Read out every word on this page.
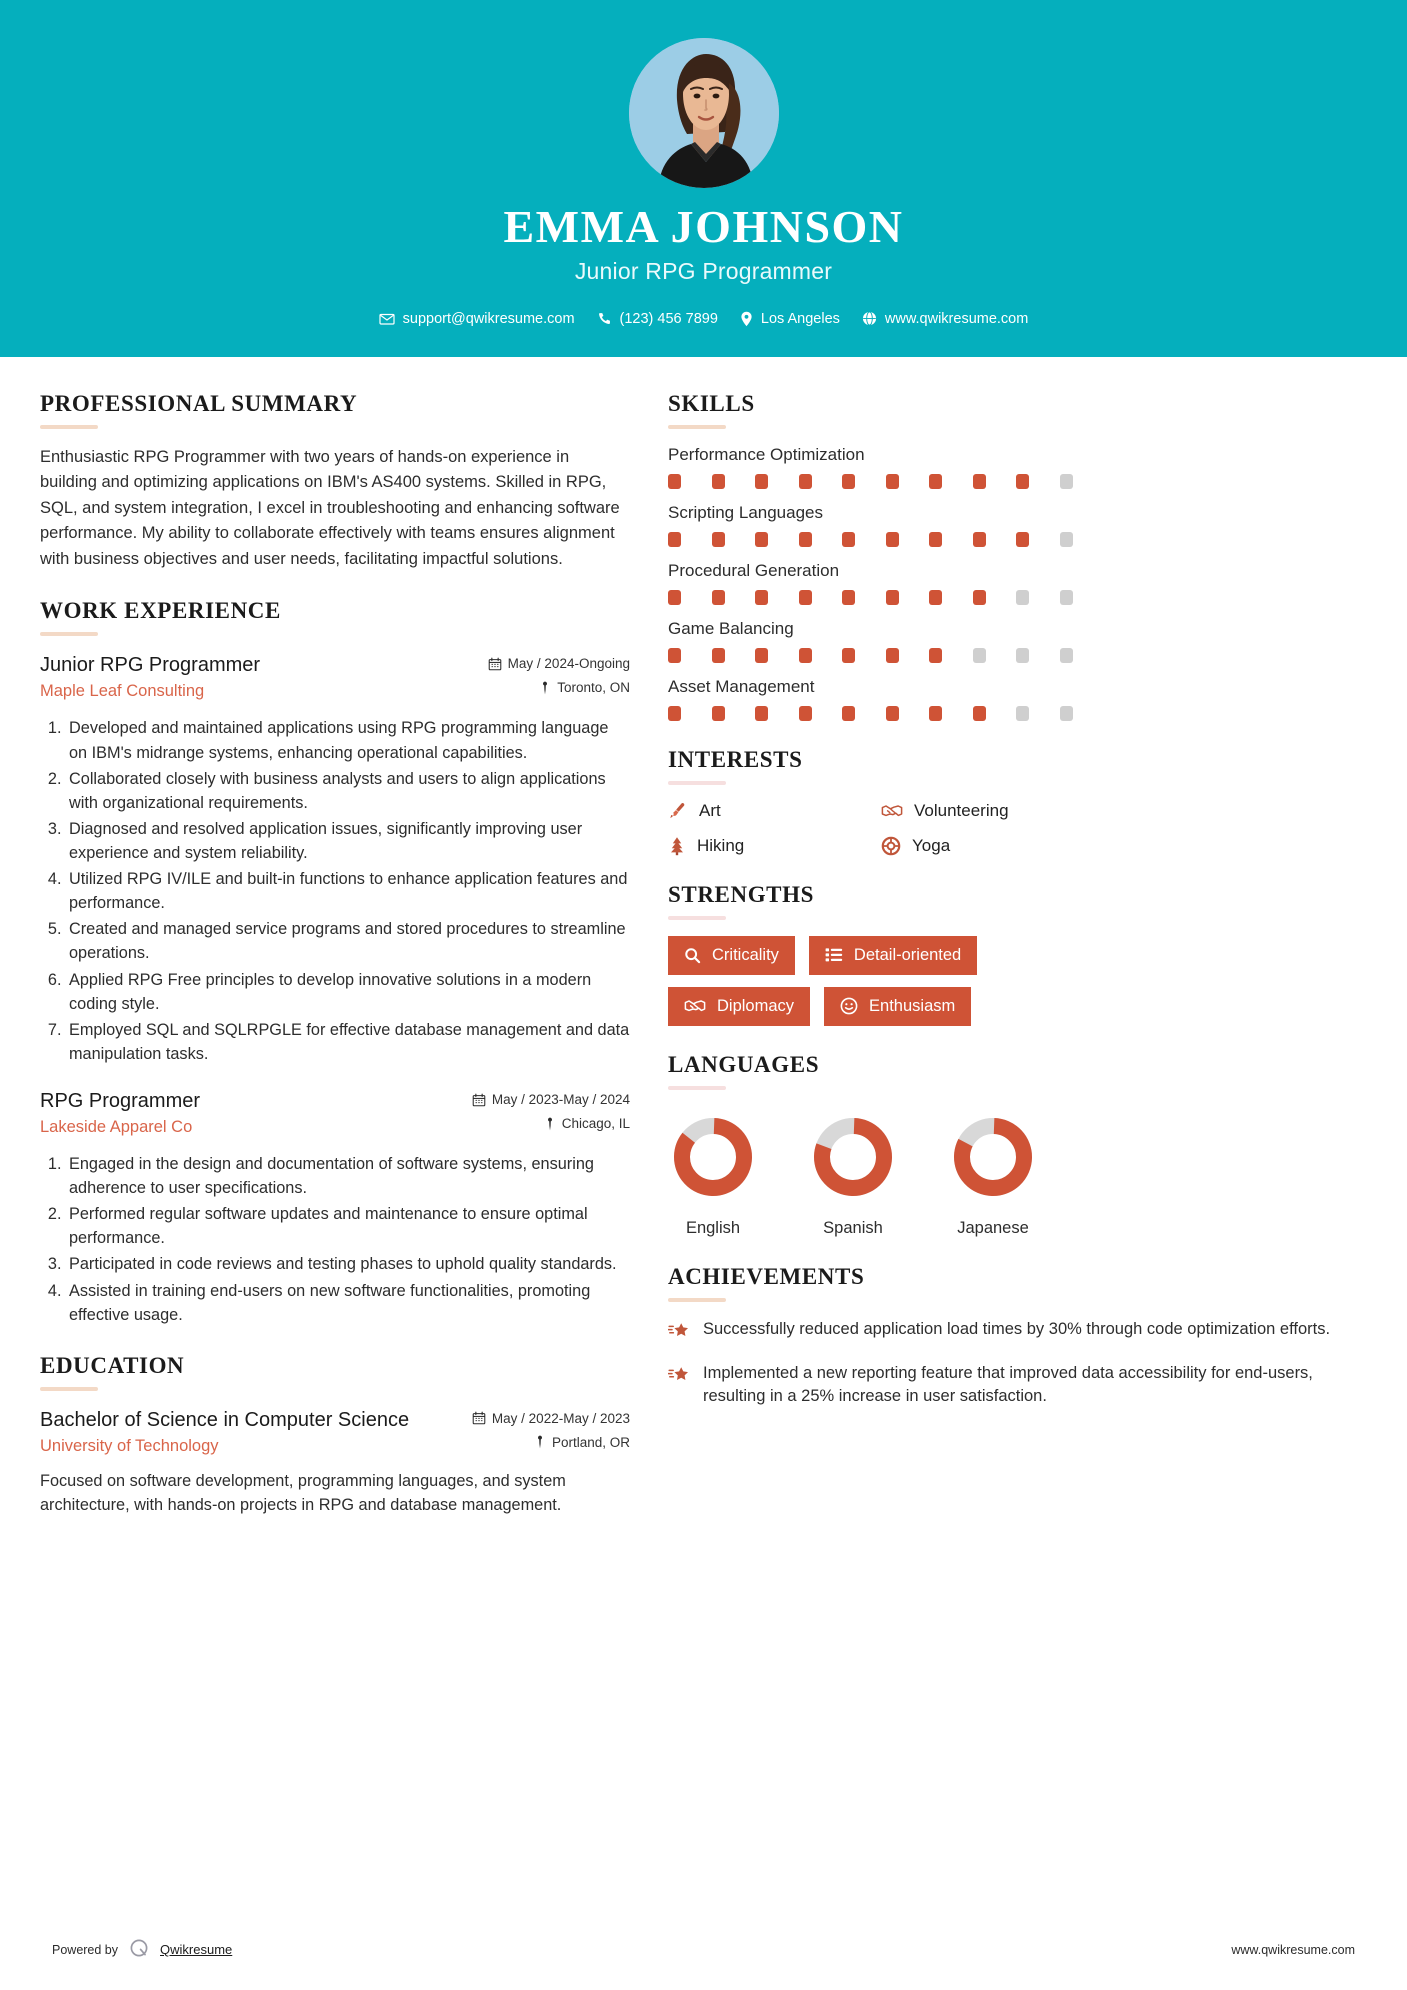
EMMA JOHNSON
Junior RPG Programmer
support@qwikresume.com	(123) 456 7899	Los Angeles	www.qwikresume.com
PROFESSIONAL SUMMARY
Enthusiastic RPG Programmer with two years of hands-on experience in building and optimizing applications on IBM's AS400 systems. Skilled in RPG, SQL, and system integration, I excel in troubleshooting and enhancing software performance. My ability to collaborate effectively with teams ensures alignment with business objectives and user needs, facilitating impactful solutions.
WORK EXPERIENCE
Junior RPG Programmer
Maple Leaf Consulting
May / 2024-Ongoing
Toronto, ON
1. Developed and maintained applications using RPG programming language on IBM's midrange systems, enhancing operational capabilities.
2. Collaborated closely with business analysts and users to align applications with organizational requirements.
3. Diagnosed and resolved application issues, significantly improving user experience and system reliability.
4. Utilized RPG IV/ILE and built-in functions to enhance application features and performance.
5. Created and managed service programs and stored procedures to streamline operations.
6. Applied RPG Free principles to develop innovative solutions in a modern coding style.
7. Employed SQL and SQLRPGLE for effective database management and data manipulation tasks.
RPG Programmer
Lakeside Apparel Co
May / 2023-May / 2024
Chicago, IL
1. Engaged in the design and documentation of software systems, ensuring adherence to user specifications.
2. Performed regular software updates and maintenance to ensure optimal performance.
3. Participated in code reviews and testing phases to uphold quality standards.
4. Assisted in training end-users on new software functionalities, promoting effective usage.
EDUCATION
Bachelor of Science in Computer Science
University of Technology
May / 2022-May / 2023
Portland, OR
Focused on software development, programming languages, and system architecture, with hands-on projects in RPG and database management.
SKILLS
Performance Optimization
Scripting Languages
Procedural Generation
Game Balancing
Asset Management
INTERESTS
Art	Volunteering
Hiking	Yoga
STRENGTHS
Criticality	Detail-oriented
Diplomacy	Enthusiasm
LANGUAGES
English	Spanish	Japanese
ACHIEVEMENTS
Successfully reduced application load times by 30% through code optimization efforts.
Implemented a new reporting feature that improved data accessibility for end-users, resulting in a 25% increase in user satisfaction.
Powered by	Qwikresume	www.qwikresume.com
